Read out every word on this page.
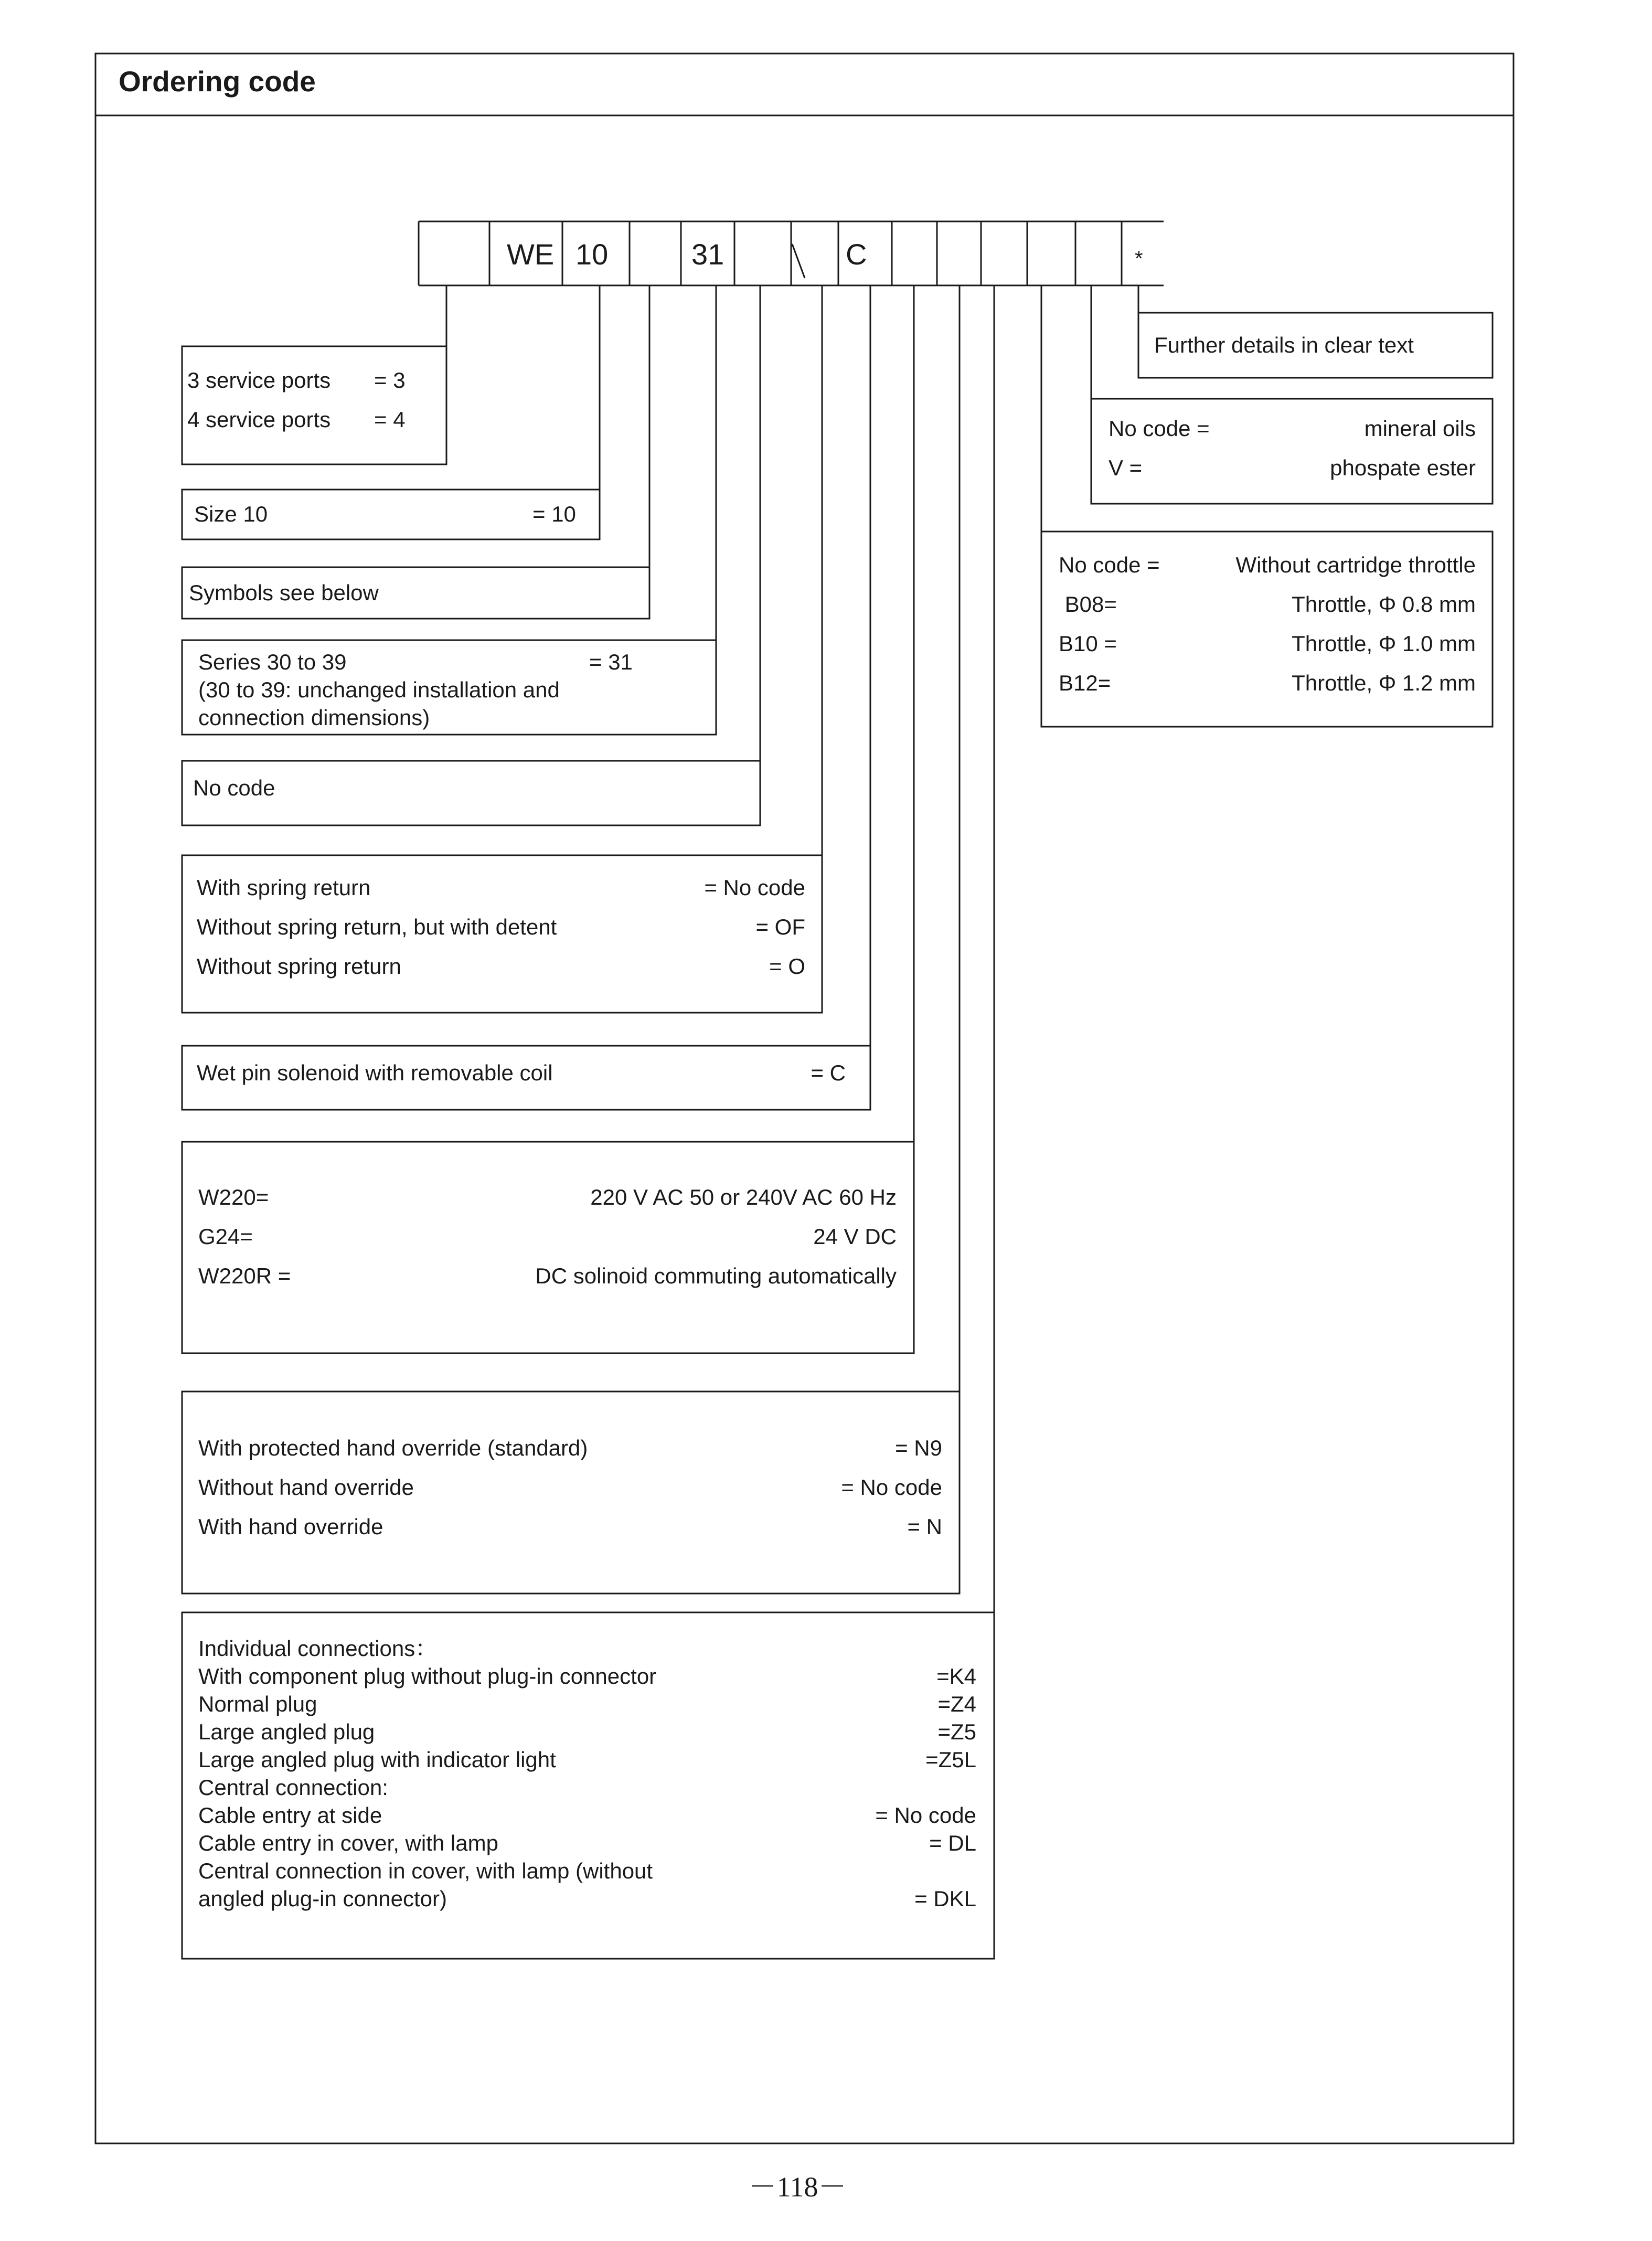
Ordering code
WE 10	31	C	*
3 service ports = 3
4 service ports = 4
Size 10	= 10
Symbols see below
Series 30 to 39	= 31
(30 to 39: unchanged installation and
connection dimensions)
No code
With spring return	= No code
Without spring return, but with detent	= OF
Without spring return	= O
Wet pin solenoid with removable coil	= C
W220=	220 V AC 50 or 240V AC 60 Hz
G24=	24 V DC
W220R =	DC solinoid commuting automatically
With protected hand override (standard)	= N9
Without hand override	= No code
With hand override	= N
Individual connections：
With component plug without plug-in connector	=K4
Normal plug	=Z4
Large angled plug	=Z5
Large angled plug with indicator light	=Z5L
Central connection:
Cable entry at side	= No code
Cable entry in cover, with lamp	= DL
Central connection in cover, with lamp (without
angled plug-in connector)	= DKL
Further details in clear text
No code =	mineral oils
V =	phospate ester
No code =	Without cartridge throttle
B08=	Throttle, Φ 0.8 mm
B10 =	Throttle, Φ 1.0 mm
B12=	Throttle, Φ 1.2 mm
－118－
